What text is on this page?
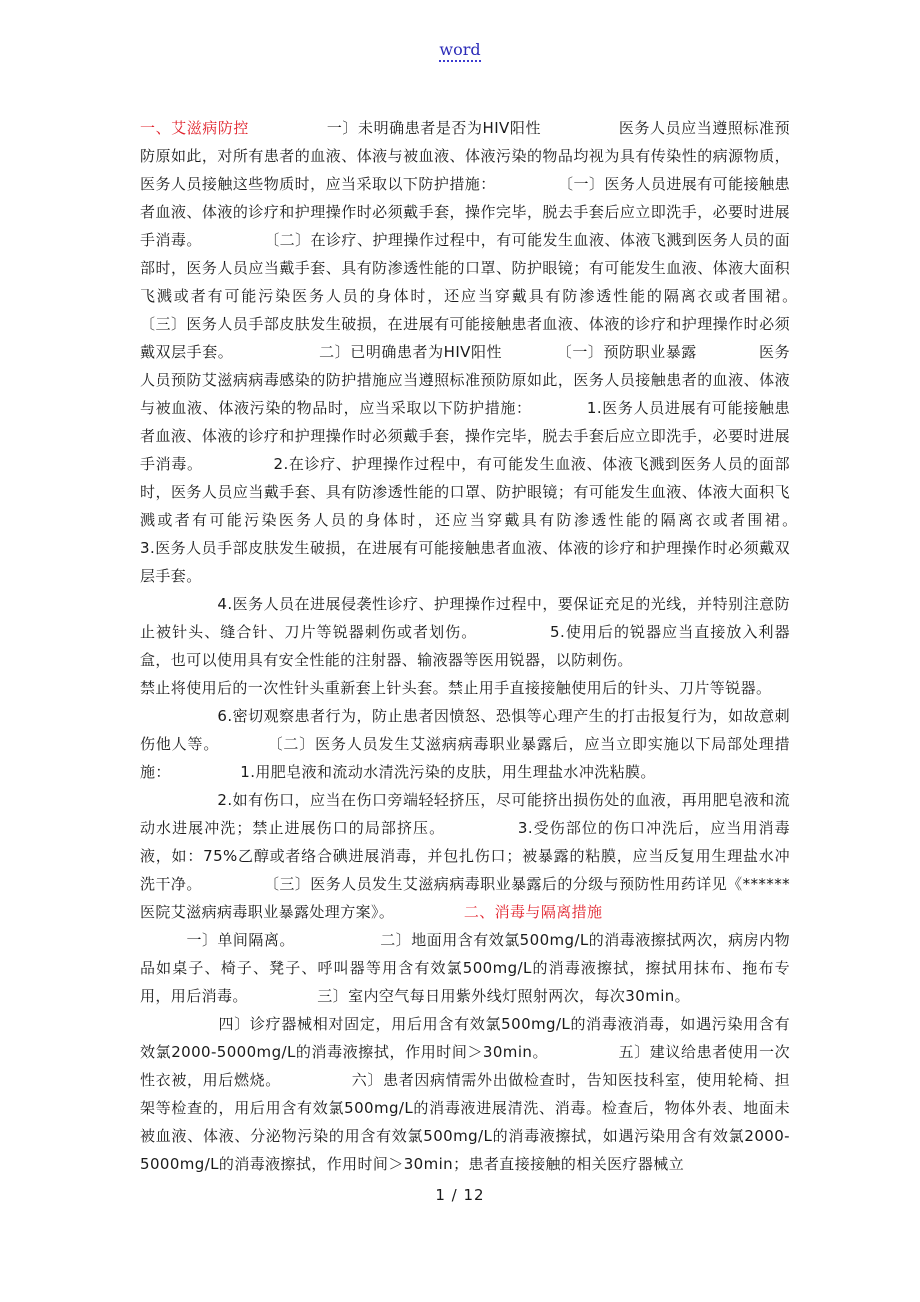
word
一、艾滋病防控	　　　　　一〕未明确患者是否为HIV阳性　　　　　医务人员应当遵照标准预防原如此，对所有患者的血液、体液与被血液、体液污染的物品均视为具有传染性的病源物质，医务人员接触这些物质时，应当采取以下防护措施：　　　　　〔一〕医务人员进展有可能接触患者血液、体液的诊疗和护理操作时必须戴手套，操作完毕，脱去手套后应立即洗手，必要时进展手消毒。　　　　　〔二〕在诊疗、护理操作过程中，有可能发生血液、体液飞溅到医务人员的面部时，医务人员应当戴手套、具有防渗透性能的口罩、防护眼镜；有可能发生血液、体液大面积飞溅或者有可能污染医务人员的身体时，还应当穿戴具有防渗透性能的隔离衣或者围裙。　　　　　〔三〕医务人员手部皮肤发生破损，在进展有可能接触患者血液、体液的诊疗和护理操作时必须戴双层手套。　　　　　　二〕已明确患者为HIV阳性　　　　〔一〕预防职业暴露　　　　医务人员预防艾滋病病毒感染的防护措施应当遵照标准预防原如此，医务人员接触患者的血液、体液与被血液、体液污染的物品时，应当采取以下防护措施：　　　　1.医务人员进展有可能接触患者血液、体液的诊疗和护理操作时必须戴手套，操作完毕，脱去手套后应立即洗手，必要时进展手消毒。　　　　　2.在诊疗、护理操作过程中，有可能发生血液、体液飞溅到医务人员的面部时，医务人员应当戴手套、具有防渗透性能的口罩、防护眼镜；有可能发生血液、体液大面积飞溅或者有可能污染医务人员的身体时，还应当穿戴具有防渗透性能的隔离衣或者围裙。　　　　　3.医务人员手部皮肤发生破损，在进展有可能接触患者血液、体液的诊疗和护理操作时必须戴双层手套。
　　　　　4.医务人员在进展侵袭性诊疗、护理操作过程中，要保证充足的光线，并特别注意防止被针头、缝合针、刀片等锐器刺伤或者划伤。　　　　　5.使用后的锐器应当直接放入利器盒，也可以使用具有安全性能的注射器、输液器等医用锐器，以防刺伤。
禁止将使用后的一次性针头重新套上针头套。禁止用手直接接触使用后的针头、刀片等锐器。
　　　　　6.密切观察患者行为，防止患者因愤怒、恐惧等心理产生的打击报复行为，如故意刺伤他人等。　　　　〔二〕医务人员发生艾滋病病毒职业暴露后，应当立即实施以下局部处理措施：　　　　　1.用肥皂液和流动水清洗污染的皮肤，用生理盐水冲洗粘膜。
　　　　　2.如有伤口，应当在伤口旁端轻轻挤压，尽可能挤出损伤处的血液，再用肥皂液和流动水进展冲洗；禁止进展伤口的局部挤压。　　　　　3.受伤部位的伤口冲洗后，应当用消毒液，如：75%乙醇或者络合碘进展消毒，并包扎伤口；被暴露的粘膜，应当反复用生理盐水冲洗干净。　　　　　〔三〕医务人员发生艾滋病病毒职业暴露后的分级与预防性用药详见《******医院艾滋病病毒职业暴露处理方案》。　　　　　	二、消毒与隔离措施
　　　一〕单间隔离。　　　　　　二〕地面用含有效氯500mg/L的消毒液擦拭两次，病房内物品如桌子、椅子、凳子、呼叫器等用含有效氯500mg/L的消毒液擦拭，擦拭用抹布、拖布专用，用后消毒。　　　　　三〕室内空气每日用紫外线灯照射两次，每次30min。
　　　　　四〕诊疗器械相对固定，用后用含有效氯500mg/L的消毒液消毒，如遇污染用含有效氯2000-5000mg/L的消毒液擦拭，作用时间＞30min。　　　　　五〕建议给患者使用一次性衣被，用后燃烧。　　　　　六〕患者因病情需外出做检查时，告知医技科室，使用轮椅、担架等检查的，用后用含有效氯500mg/L的消毒液进展清洗、消毒。检查后，物体外表、地面未被血液、体液、分泌物污染的用含有效氯500mg/L的消毒液擦拭，如遇污染用含有效氯2000-5000mg/L的消毒液擦拭，作用时间＞30min；患者直接接触的相关医疗器械立
1 / 12
